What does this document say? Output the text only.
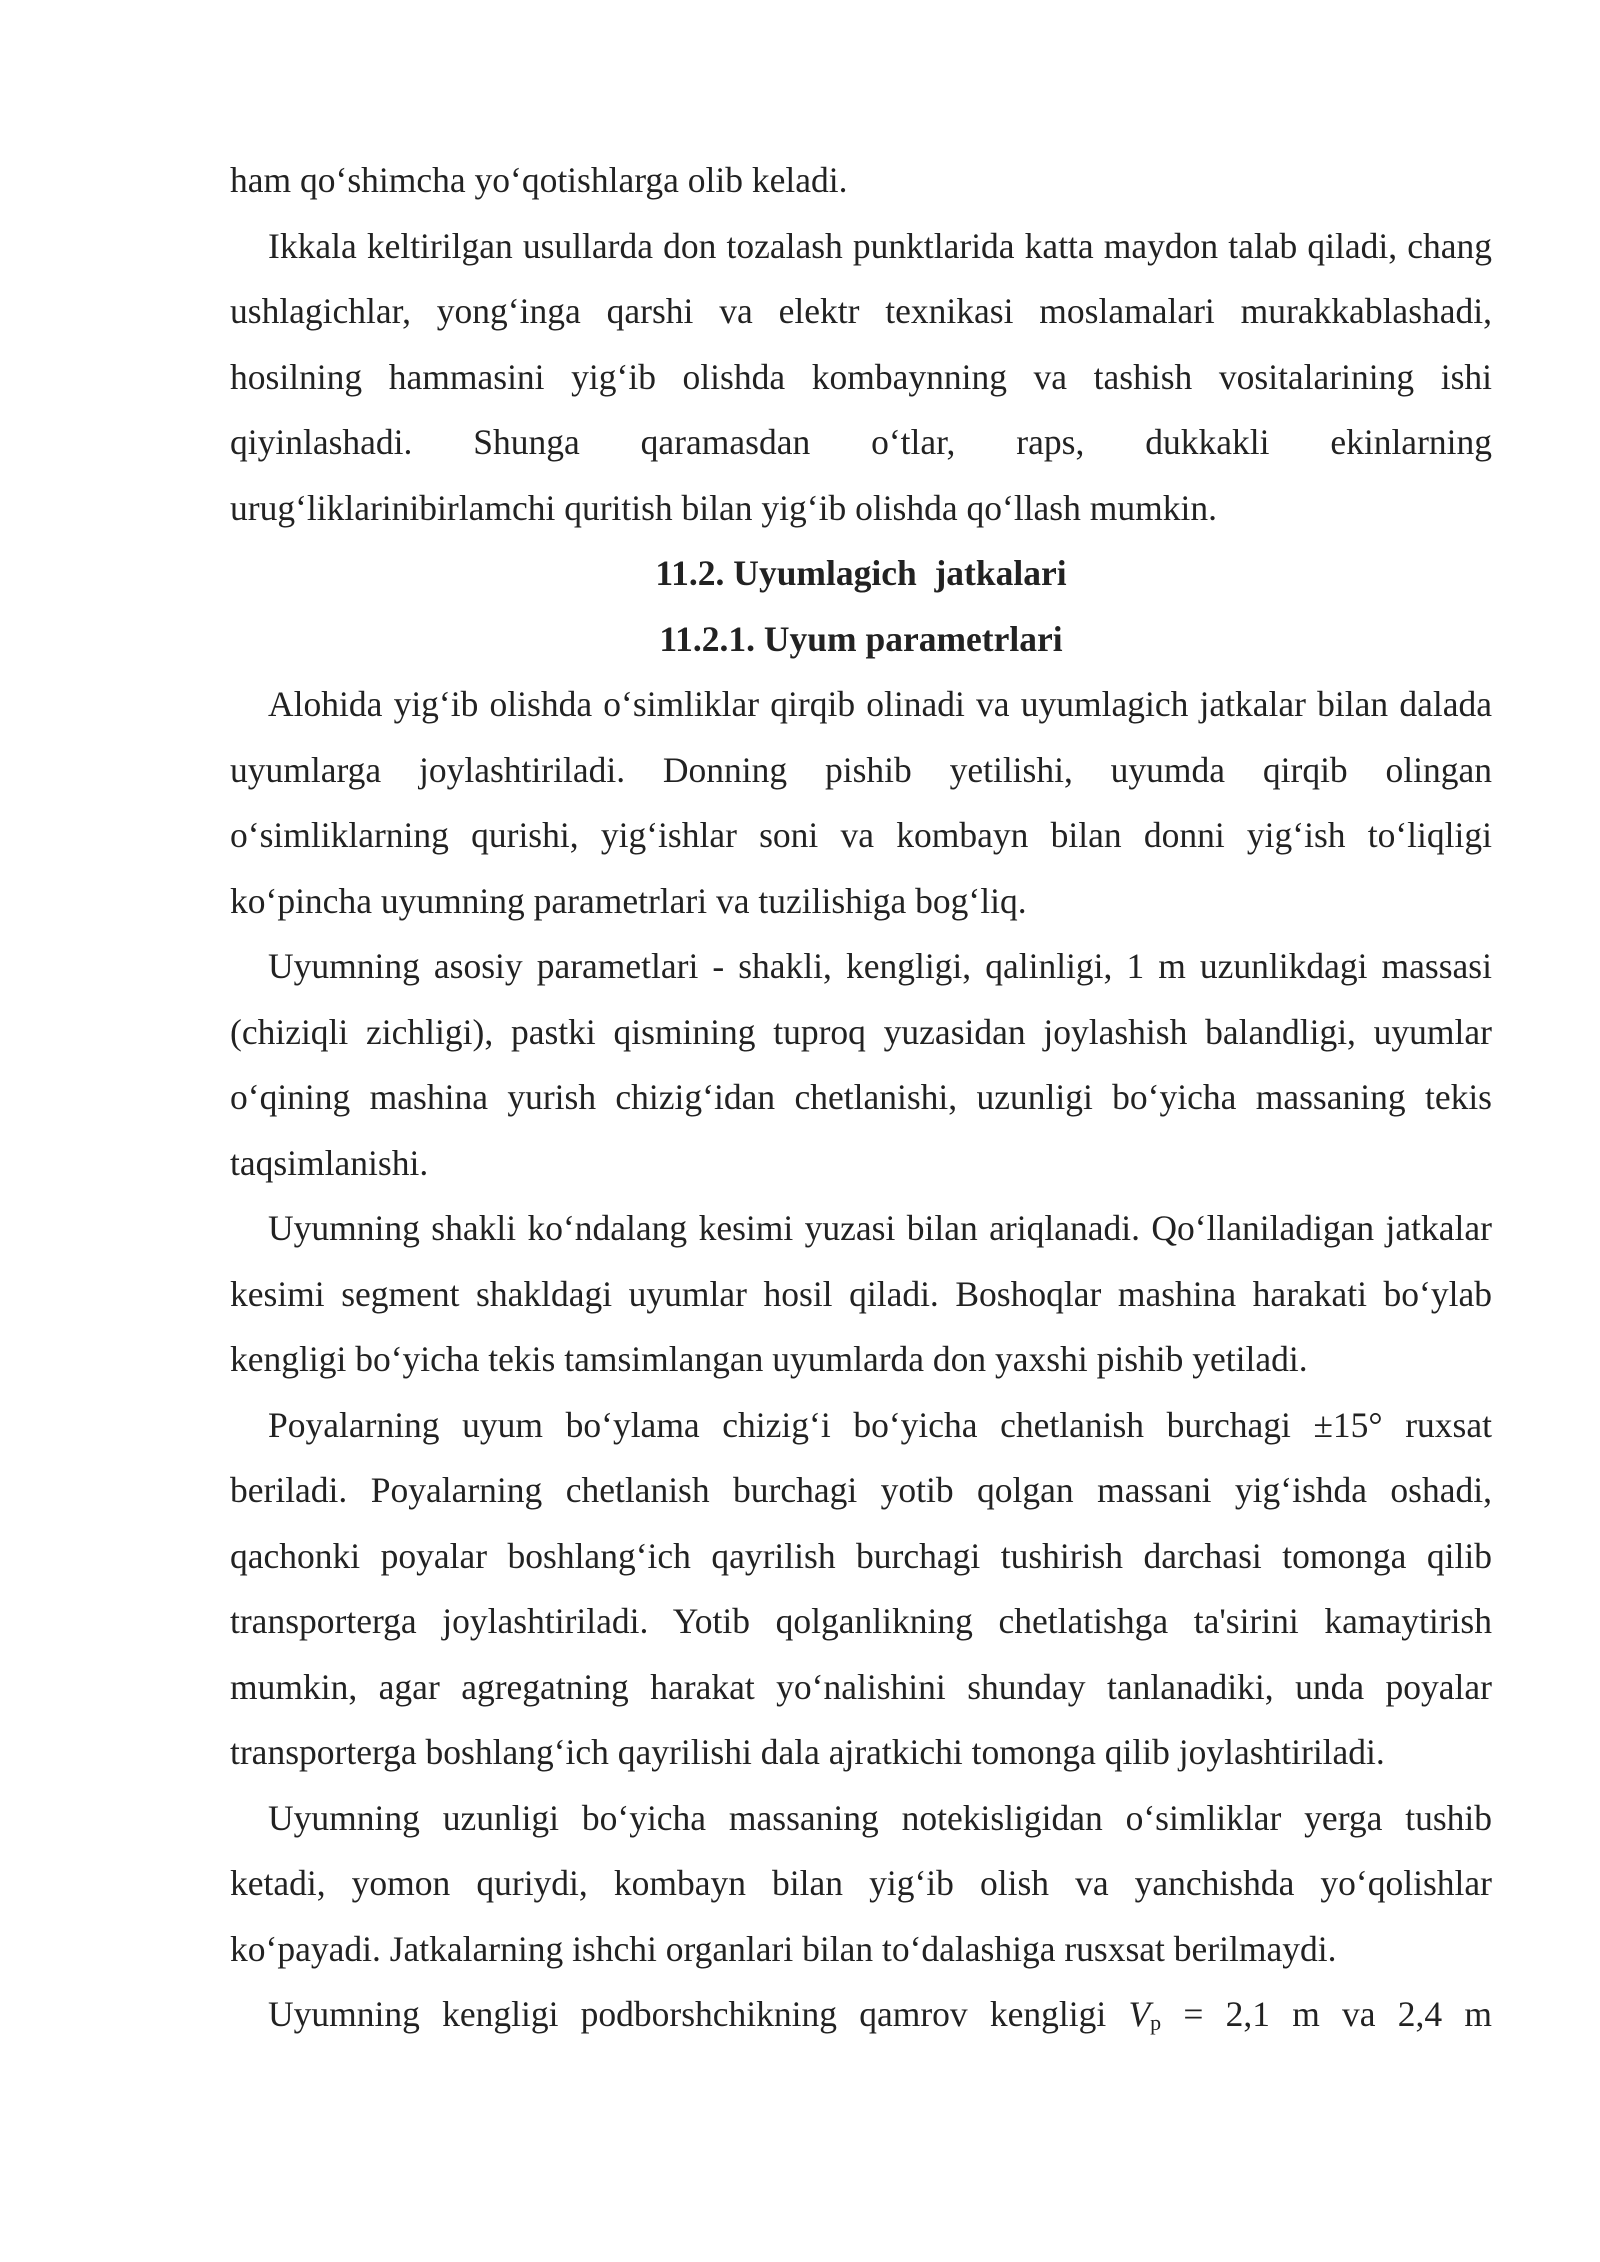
ham qo‘shimcha yo‘qotishlarga olib keladi.

Ikkala keltirilgan usullarda don tozalash punktlarida katta maydon talab qiladi, chang ushlagichlar, yong‘inga qarshi va elektr texnikasi moslamalari murakkablashadi, hosilning hammasini yig‘ib olishda kombaynning va tashish vositalarining ishi qiyinlashadi. Shunga qaramasdan o‘tlar, raps, dukkakli ekinlarning urug‘liklarinibirlamchi quritish bilan yig‘ib olishda qo‘llash mumkin.

11.2. Uyumlagich  jatkalari

11.2.1. Uyum parametrlari

Alohida yig‘ib olishda o‘simliklar qirqib olinadi va uyumlagich jatkalar bilan dalada uyumlarga joylashtiriladi. Donning pishib yetilishi, uyumda qirqib olingan o‘simliklarning qurishi, yig‘ishlar soni va kombayn bilan donni yig‘ish to‘liqligi ko‘pincha uyumning parametrlari va tuzilishiga bog‘liq.

Uyumning asosiy parametlari - shakli, kengligi, qalinligi, 1 m uzunlikdagi massasi (chiziqli zichligi), pastki qismining tuproq yuzasidan joylashish balandligi, uyumlar o‘qining mashina yurish chizig‘idan chetlanishi, uzunligi bo‘yicha massaning tekis taqsimlanishi.

Uyumning shakli ko‘ndalang kesimi yuzasi bilan ariqlanadi. Qo‘llaniladigan jatkalar kesimi segment shakldagi uyumlar hosil qiladi. Boshoqlar mashina harakati bo‘ylab kengligi bo‘yicha tekis tamsimlangan uyumlarda don yaxshi pishib yetiladi.

Poyalarning uyum bo‘ylama chizig‘i bo‘yicha chetlanish burchagi ±15° ruxsat beriladi. Poyalarning chetlanish burchagi yotib qolgan massani yig‘ishda oshadi, qachonki poyalar boshlang‘ich qayrilish burchagi tushirish darchasi tomonga qilib transporterga joylashtiriladi. Yotib qolganlikning chetlatishga ta'sirini kamaytirish mumkin, agar agregatning harakat yo‘nalishini shunday tanlanadiki, unda poyalar transporterga boshlang‘ich qayrilishi dala ajratkichi tomonga qilib joylashtiriladi.

Uyumning uzunligi bo‘yicha massaning notekisligidan o‘simliklar yerga tushib ketadi, yomon quriydi, kombayn bilan yig‘ib olish va yanchishda yo‘qolishlar ko‘payadi. Jatkalarning ishchi organlari bilan to‘dalashiga rusxsat berilmaydi.

Uyumning kengligi podborshchikning qamrov kengligi $V_p = 2,1$ m va 2,4 m
